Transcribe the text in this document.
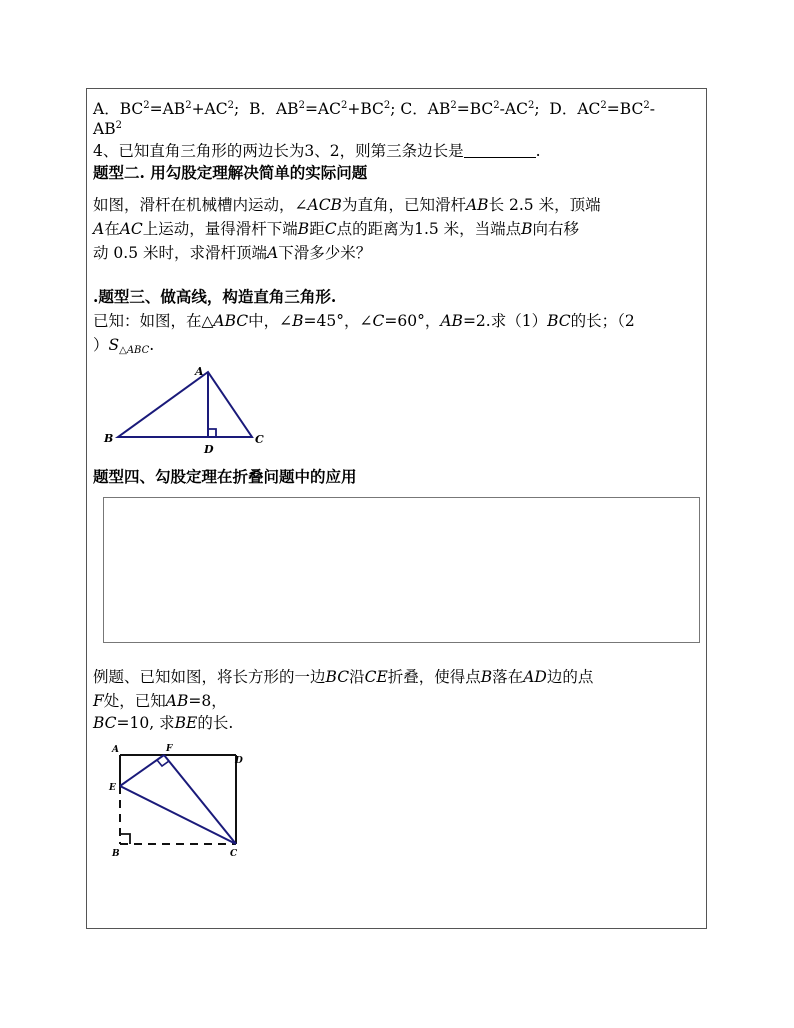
A．$BC^2=AB^2+AC^2$;  B．$AB^2=AC^2+BC^2$; C．$AB^2=BC^2-AC^2$;  D．$AC^2=BC^2-$
$AB^2$
4、已知直角三角形的两边长为3、2，则第三条边长是	.
题型二. 用勾股定理解决简单的实际问题
如图，滑杆在机械槽内运动，∠ACB为直角，已知滑杆AB长 2.5 米，顶端
A在AC上运动，量得滑杆下端B距C点的距离为1.5 米，当端点B向右移
动 0.5 米时，求滑杆顶端A下滑多少米？
.题型三、做高线，构造直角三角形.
已知：如图，在△ABC中，∠B=45°，∠C=60°，AB=2.求（1）BC的长；（2
）$S_{\triangle ABC}$.
A
B	C
D
题型四、勾股定理在折叠问题中的应用
例题、已知如图，将长方形的一边BC沿CE折叠，使得点B落在AD边的点
F处，已知AB=8，
BC=10, 求BE的长.
A	F
D
E
B	C
